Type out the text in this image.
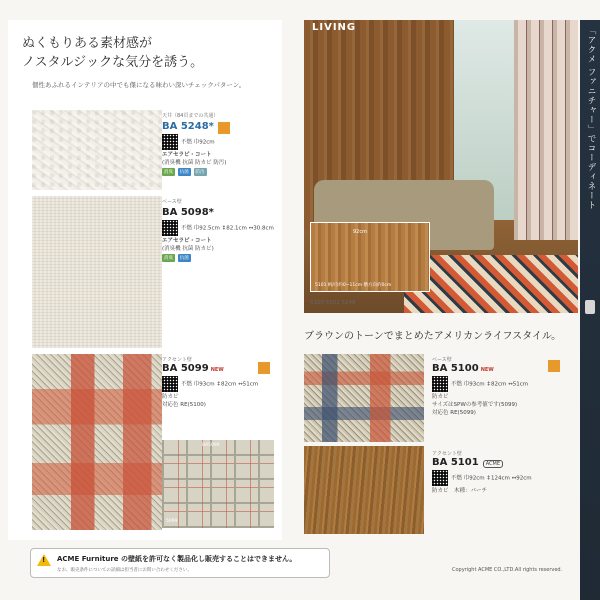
ぬくもりある素材感が
ノスタルジックな気分を誘う。
個性あふれるインテリアの中でも傑になる味わい深いチェックパターン。
天井（84頁までの共通）
BA 5248*
不燃 巾92cm
エアセラピ・コート
(消臭機 抗菌 防カビ 防汚)
消臭 抗菌 防汚
ベース壁
BA 5098*
不燃 巾92.5cm ↕82.1cm ↔30.8cm
エアセラピ・コート
(消臭機 抗菌 防カビ)
消臭 抗菌
アクセント壁
BA 5099 NEW
不燃 巾93cm ↕82cm ↔51cm
防カビ
対応色 RE(5100)
BA5099
5099
LIVING
92cm
5101 柄/巾約0~11cm 横方向約0cm
5100 5101 5248
ブラウンのトーンでまとめたアメリカンライフスタイル。
ベース壁
BA 5100 NEW
不燃 巾93cm ↕82cm ↔51cm
防カビ
サイズはSPWの参考値です(5099)
対応色 RE(5099)
アクセント壁
BA 5101 ACME
不燃 巾92cm ↕124cm ↔92cm
防カビ　 木種：バーチ
「アクメ ファニチャー」でコーディネート
! ACME Furniture の壁紙を許可なく製品化し販売することはできません。
なお、販売条件についての詳細は担当者にお問い合わせください。	Copyright ACME CO.,LTD.All rights reserved.
